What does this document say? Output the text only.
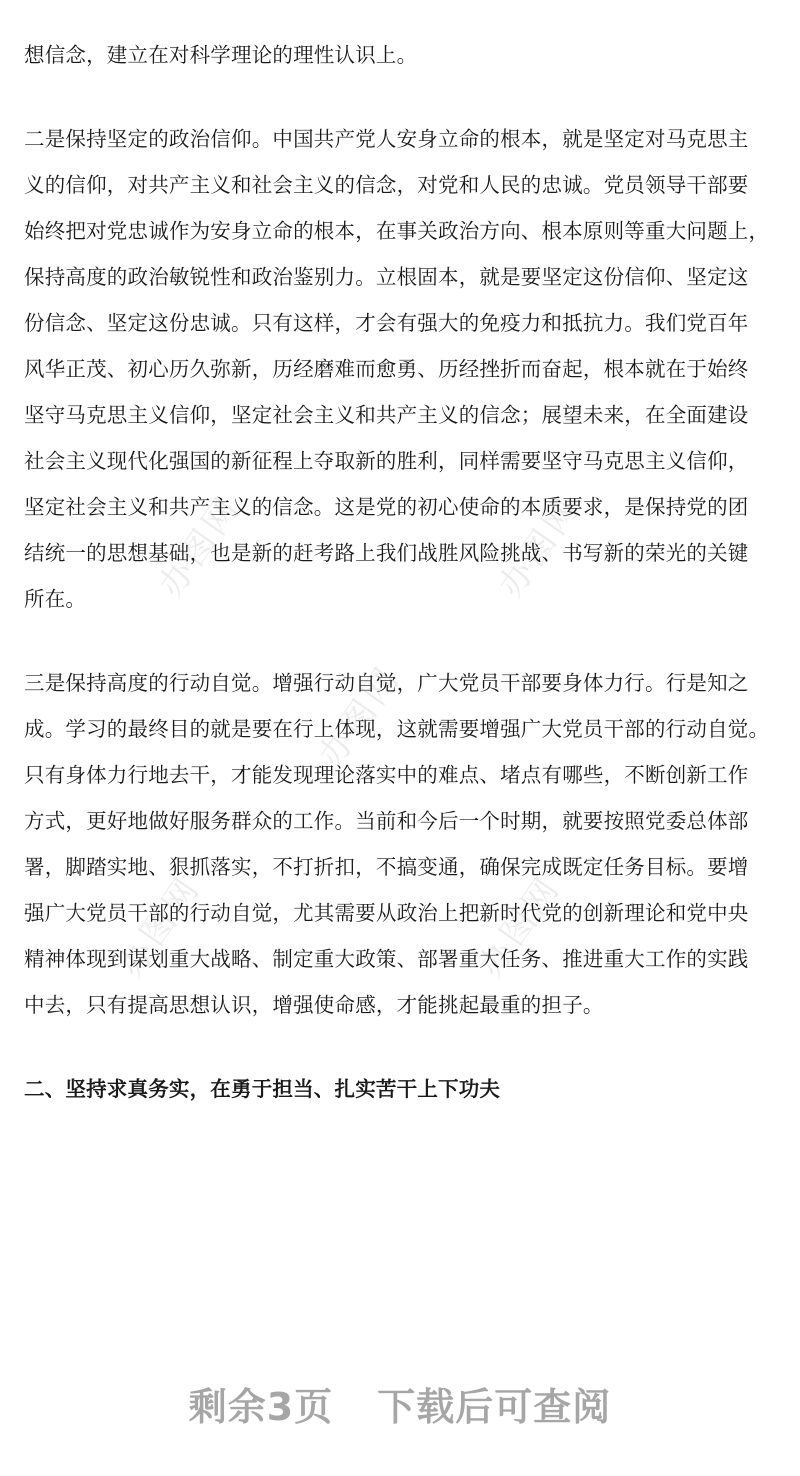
办图网	办图网
办图网
办图网	办图网
想信念，建立在对科学理论的理性认识上。
二是保持坚定的政治信仰。中国共产党人安身立命的根本，就是坚定对马克思主
义的信仰，对共产主义和社会主义的信念，对党和人民的忠诚。党员领导干部要
始终把对党忠诚作为安身立命的根本，在事关政治方向、根本原则等重大问题上，
保持高度的政治敏锐性和政治鉴别力。立根固本，就是要坚定这份信仰、坚定这
份信念、坚定这份忠诚。只有这样，才会有强大的免疫力和抵抗力。我们党百年
风华正茂、初心历久弥新，历经磨难而愈勇、历经挫折而奋起，根本就在于始终
坚守马克思主义信仰，坚定社会主义和共产主义的信念；展望未来，在全面建设
社会主义现代化强国的新征程上夺取新的胜利，同样需要坚守马克思主义信仰，
坚定社会主义和共产主义的信念。这是党的初心使命的本质要求，是保持党的团
结统一的思想基础，也是新的赶考路上我们战胜风险挑战、书写新的荣光的关键
所在。
三是保持高度的行动自觉。增强行动自觉，广大党员干部要身体力行。行是知之
成。学习的最终目的就是要在行上体现，这就需要增强广大党员干部的行动自觉。
只有身体力行地去干，才能发现理论落实中的难点、堵点有哪些，不断创新工作
方式，更好地做好服务群众的工作。当前和今后一个时期，就要按照党委总体部
署，脚踏实地、狠抓落实，不打折扣，不搞变通，确保完成既定任务目标。要增
强广大党员干部的行动自觉，尤其需要从政治上把新时代党的创新理论和党中央
精神体现到谋划重大战略、制定重大政策、部署重大任务、推进重大工作的实践
中去，只有提高思想认识，增强使命感，才能挑起最重的担子。
二、坚持求真务实，在勇于担当、扎实苦干上下功夫
剩余3页 下载后可查阅
